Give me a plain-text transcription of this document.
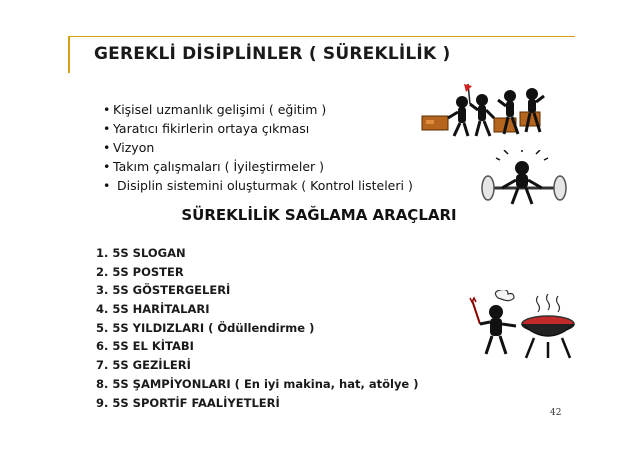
GEREKLİ DİSİPLİNLER ( SÜREKLİLİK )
• Kişisel uzmanlık gelişimi ( eğitim )
• Yaratıcı fikirlerin ortaya çıkması
• Vizyon
• Takım çalışmaları ( İyileştirmeler )
• Disiplin sistemini oluşturmak ( Kontrol listeleri )
SÜREKLİLİK SAĞLAMA ARAÇLARI
1. 5S SLOGAN
2. 5S POSTER
3. 5S GÖSTERGELERİ
4. 5S HARİTALARI
5. 5S YILDIZLARI ( Ödüllendirme )
6. 5S EL KİTABI
7. 5S GEZİLERİ
8. 5S ŞAMPİYONLARI ( En iyi makina, hat, atölye )
9. 5S SPORTİF FAALİYETLERİ
42
